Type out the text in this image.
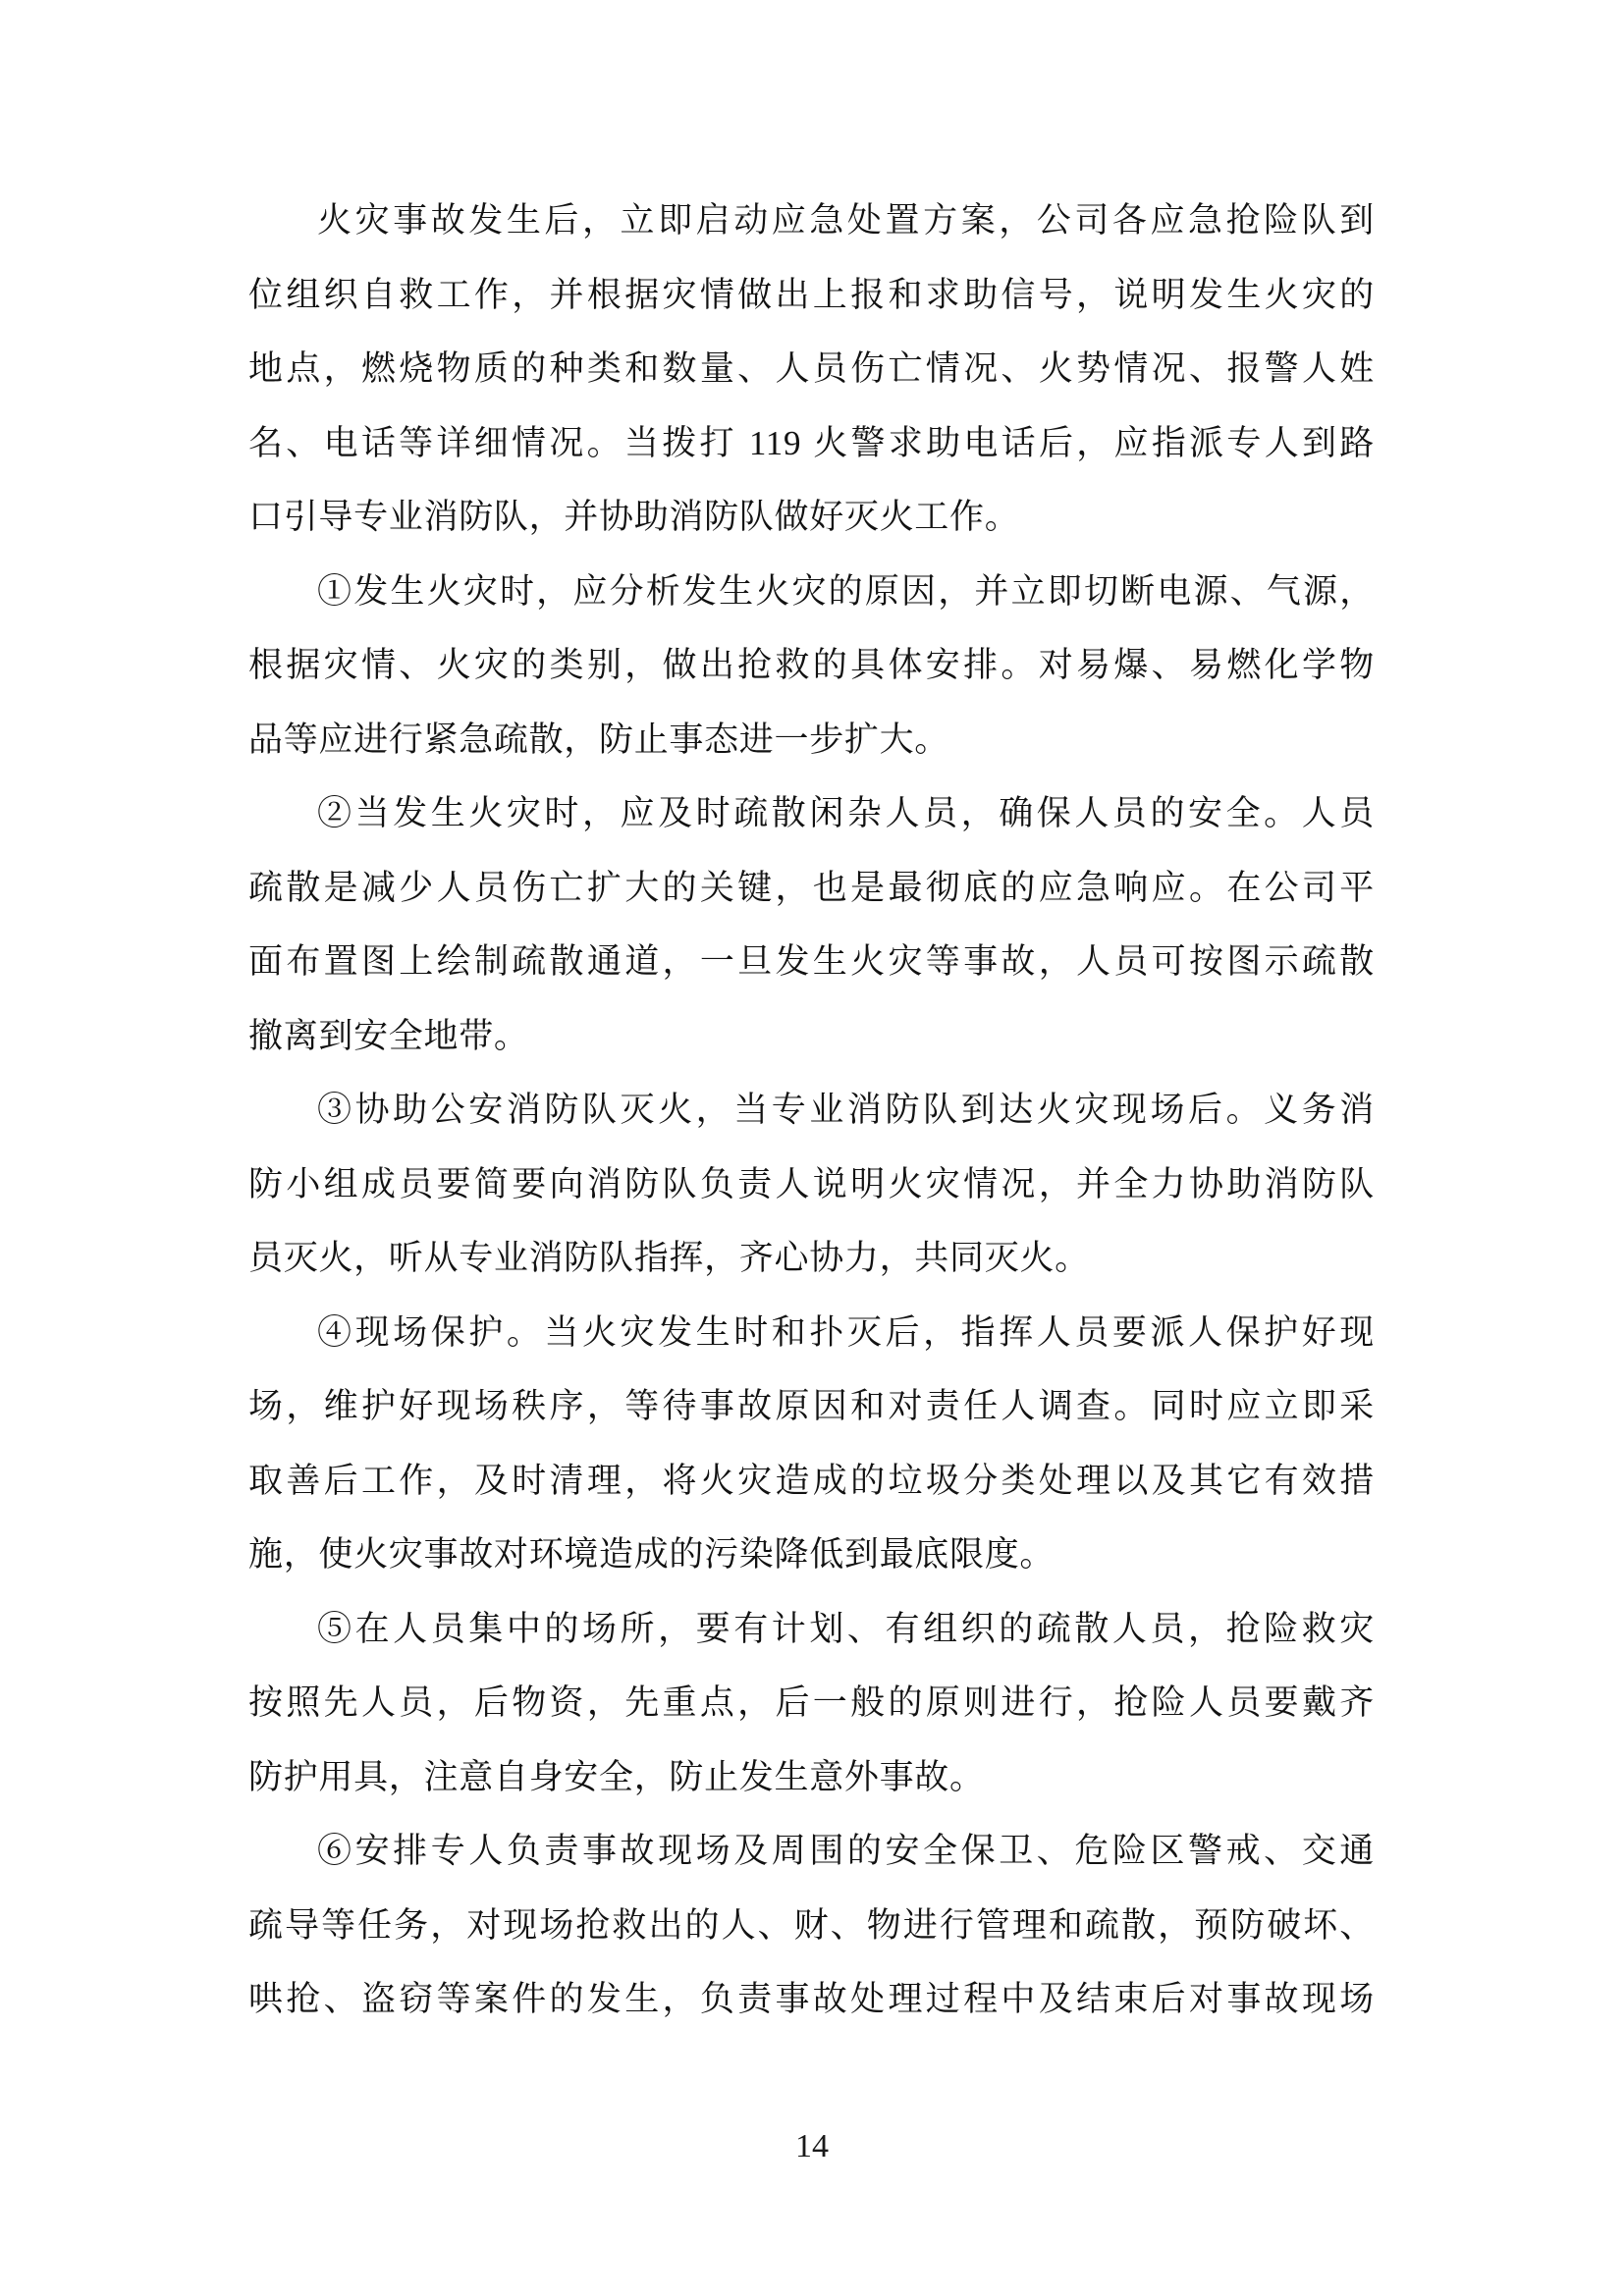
火灾事故发生后，立即启动应急处置方案，公司各应急抢险队到
位组织自救工作，并根据灾情做出上报和求助信号，说明发生火灾的
地点，燃烧物质的种类和数量、人员伤亡情况、火势情况、报警人姓
名、电话等详细情况。当拨打 119 火警求助电话后，应指派专人到路
口引导专业消防队，并协助消防队做好灭火工作。
①发生火灾时，应分析发生火灾的原因，并立即切断电源、气源，
根据灾情、火灾的类别，做出抢救的具体安排。对易爆、易燃化学物
品等应进行紧急疏散，防止事态进一步扩大。
②当发生火灾时，应及时疏散闲杂人员，确保人员的安全。人员
疏散是减少人员伤亡扩大的关键，也是最彻底的应急响应。在公司平
面布置图上绘制疏散通道，一旦发生火灾等事故，人员可按图示疏散
撤离到安全地带。
③协助公安消防队灭火，当专业消防队到达火灾现场后。义务消
防小组成员要简要向消防队负责人说明火灾情况，并全力协助消防队
员灭火，听从专业消防队指挥，齐心协力，共同灭火。
④现场保护。当火灾发生时和扑灭后，指挥人员要派人保护好现
场，维护好现场秩序，等待事故原因和对责任人调查。同时应立即采
取善后工作，及时清理，将火灾造成的垃圾分类处理以及其它有效措
施，使火灾事故对环境造成的污染降低到最底限度。
⑤在人员集中的场所，要有计划、有组织的疏散人员，抢险救灾
按照先人员，后物资，先重点，后一般的原则进行，抢险人员要戴齐
防护用具，注意自身安全，防止发生意外事故。
⑥安排专人负责事故现场及周围的安全保卫、危险区警戒、交通
疏导等任务，对现场抢救出的人、财、物进行管理和疏散，预防破坏、
哄抢、盗窃等案件的发生，负责事故处理过程中及结束后对事故现场
14
